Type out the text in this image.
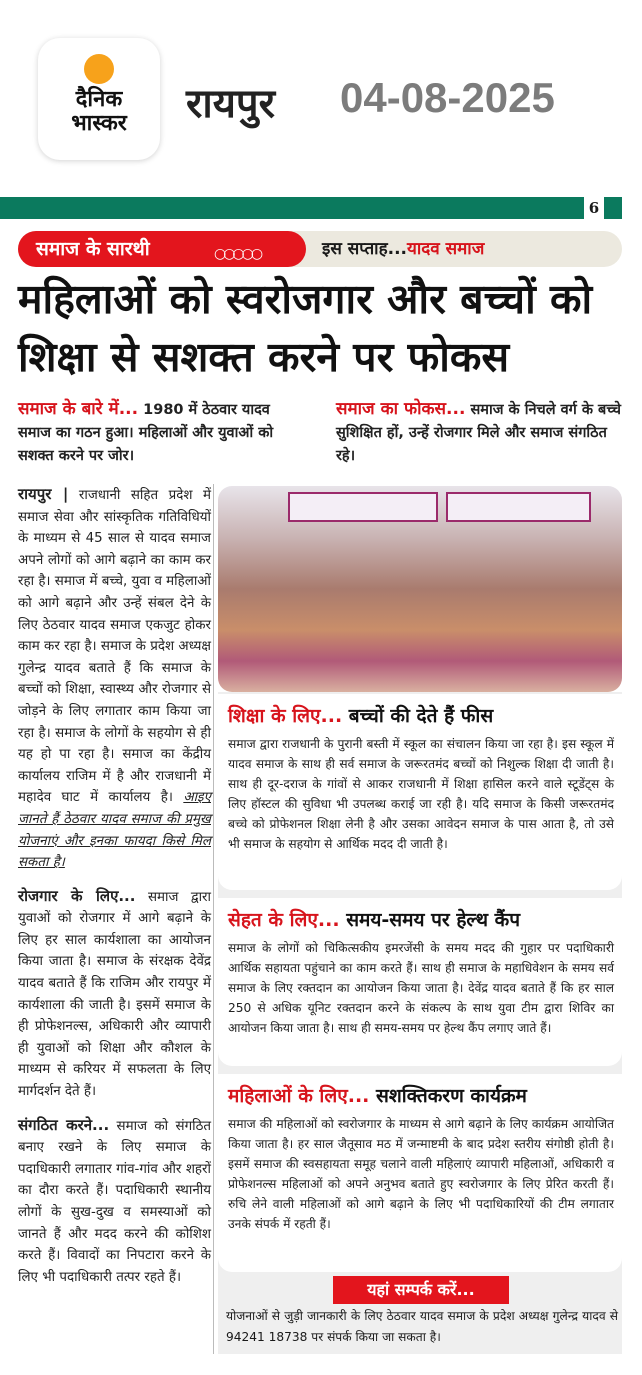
दैनिक
भास्कर	रायपुर 04-08-2025
6
समाज के सारथी	○○○○○	इस सप्ताह...यादव समाज
महिलाओं को स्वरोजगार और बच्चों को शिक्षा से सशक्त करने पर फोकस
समाज के बारे में... 1980 में ठेठवार यादव समाज का गठन हुआ। महिलाओं और युवाओं को सशक्त करने पर जोर।
समाज का फोकस... समाज के निचले वर्ग के बच्चे सुशिक्षित हों, उन्हें रोजगार मिले और समाज संगठित रहे।

रायपुर | राजधानी सहित प्रदेश में समाज सेवा और सांस्कृतिक गतिविधियों के माध्यम से 45 साल से यादव समाज अपने लोगों को आगे बढ़ाने का काम कर रहा है। समाज में बच्चे, युवा व महिलाओं को आगे बढ़ाने और उन्हें संबल देने के लिए ठेठवार यादव समाज एकजुट होकर काम कर रहा है। समाज के प्रदेश अध्यक्ष गुलेन्द्र यादव बताते हैं कि समाज के बच्चों को शिक्षा, स्वास्थ्य और रोजगार से जोड़ने के लिए लगातार काम किया जा रहा है। समाज के लोगों के सहयोग से ही यह हो पा रहा है। समाज का केंद्रीय कार्यालय राजिम में है और राजधानी में महादेव घाट में कार्यालय है। आइए जानते हैं ठेठवार यादव समाज की प्रमुख योजनाएं और इनका फायदा किसे मिल सकता है।

रोजगार के लिए... समाज द्वारा युवाओं को रोजगार में आगे बढ़ाने के लिए हर साल कार्यशाला का आयोजन किया जाता है। समाज के संरक्षक देवेंद्र यादव बताते हैं कि राजिम और रायपुर में कार्यशाला की जाती है। इसमें समाज के ही प्रोफेशनल्स, अधिकारी और व्यापारी ही युवाओं को शिक्षा और कौशल के माध्यम से करियर में सफलता के लिए मार्गदर्शन देते हैं।

संगठित करने... समाज को संगठित बनाए रखने के लिए समाज के पदाधिकारी लगातार गांव-गांव और शहरों का दौरा करते हैं। पदाधिकारी स्थानीय लोगों के सुख-दुख व समस्याओं को जानते हैं और मदद करने की कोशिश करते हैं। विवादों का निपटारा करने के लिए भी पदाधिकारी तत्पर रहते हैं।

शिक्षा के लिए... बच्चों की देते हैं फीस

समाज द्वारा राजधानी के पुरानी बस्ती में स्कूल का संचालन किया जा रहा है। इस स्कूल में यादव समाज के साथ ही सर्व समाज के जरूरतमंद बच्चों को निशुल्क शिक्षा दी जाती है। साथ ही दूर-दराज के गांवों से आकर राजधानी में शिक्षा हासिल करने वाले स्टूडेंट्स के लिए हॉस्टल की सुविधा भी उपलब्ध कराई जा रही है। यदि समाज के किसी जरूरतमंद बच्चे को प्रोफेशनल शिक्षा लेनी है और उसका आवेदन समाज के पास आता है, तो उसे भी समाज के सहयोग से आर्थिक मदद दी जाती है।

सेहत के लिए... समय-समय पर हेल्थ कैंप

समाज के लोगों को चिकित्सकीय इमरजेंसी के समय मदद की गुहार पर पदाधिकारी आर्थिक सहायता पहुंचाने का काम करते हैं। साथ ही समाज के महाधिवेशन के समय सर्व समाज के लिए रक्तदान का आयोजन किया जाता है। देवेंद्र यादव बताते हैं कि हर साल 250 से अधिक यूनिट रक्तदान करने के संकल्प के साथ युवा टीम द्वारा शिविर का आयोजन किया जाता है। साथ ही समय-समय पर हेल्थ कैंप लगाए जाते हैं।

महिलाओं के लिए... सशक्तिकरण कार्यक्रम

समाज की महिलाओं को स्वरोजगार के माध्यम से आगे बढ़ाने के लिए कार्यक्रम आयोजित किया जाता है। हर साल जैतूसाव मठ में जन्माष्टमी के बाद प्रदेश स्तरीय संगोष्ठी होती है। इसमें समाज की स्वसहायता समूह चलाने वाली महिलाएं व्यापारी महिलाओं, अधिकारी व प्रोफेशनल्स महिलाओं को अपने अनुभव बताते हुए स्वरोजगार के लिए प्रेरित करती हैं। रुचि लेने वाली महिलाओं को आगे बढ़ाने के लिए भी पदाधिकारियों की टीम लगातार उनके संपर्क में रहती हैं।

यहां सम्पर्क करें...
योजनाओं से जुड़ी जानकारी के लिए ठेठवार यादव समाज के प्रदेश अध्यक्ष गुलेन्द्र यादव से 94241 18738 पर संपर्क किया जा सकता है।
